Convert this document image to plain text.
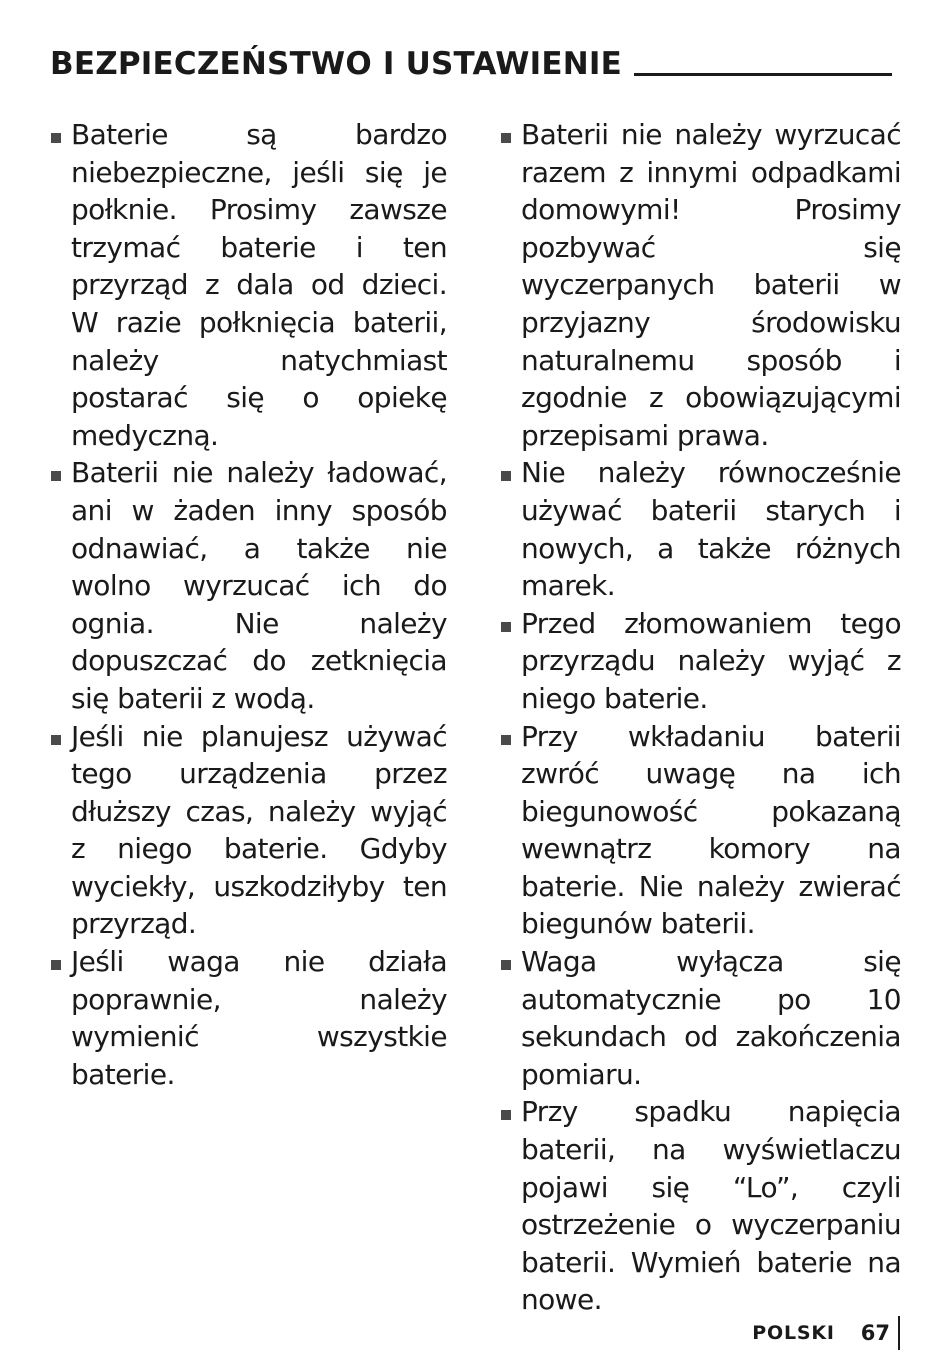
BEZPIECZEŃSTWO I USTAWIENIE

Baterie są bardzo niebezpieczne, jeśli się je połknie. Prosimy zawsze trzymać baterie i ten przyrząd z dala od dzieci. W razie połknięcia baterii, należy natychmiast postarać się o opiekę medyczną.

Baterii nie należy ładować, ani w żaden inny sposób odnawiać, a także nie wolno wyrzucać ich do ognia. Nie należy dopuszczać do zetknięcia się baterii z wodą.

Jeśli nie planujesz używać tego urządzenia przez dłuższy czas, należy wyjąć z niego baterie. Gdyby wyciekły, uszkodziłyby ten przyrząd.

Jeśli waga nie działa poprawnie, należy wymienić wszystkie baterie.

Baterii nie należy wyrzucać razem z innymi odpadkami domowymi! Prosimy pozbywać się wyczerpanych baterii w przyjazny środowisku naturalnemu sposób i zgodnie z obowiązującymi przepisami prawa.

Nie należy równocześnie używać baterii starych i nowych, a także różnych marek.

Przed złomowaniem tego przyrządu należy wyjąć z niego baterie.

Przy wkładaniu baterii zwróć uwagę na ich biegunowość pokazaną wewnątrz komory na baterie. Nie należy zwierać biegunów baterii.

Waga wyłącza się automatycznie po 10 sekundach od zakończenia pomiaru.

Przy spadku napięcia baterii, na wyświetlaczu pojawi się “Lo”, czyli ostrzeżenie o wyczerpaniu baterii. Wymień baterie na nowe.

POLSKI 67
